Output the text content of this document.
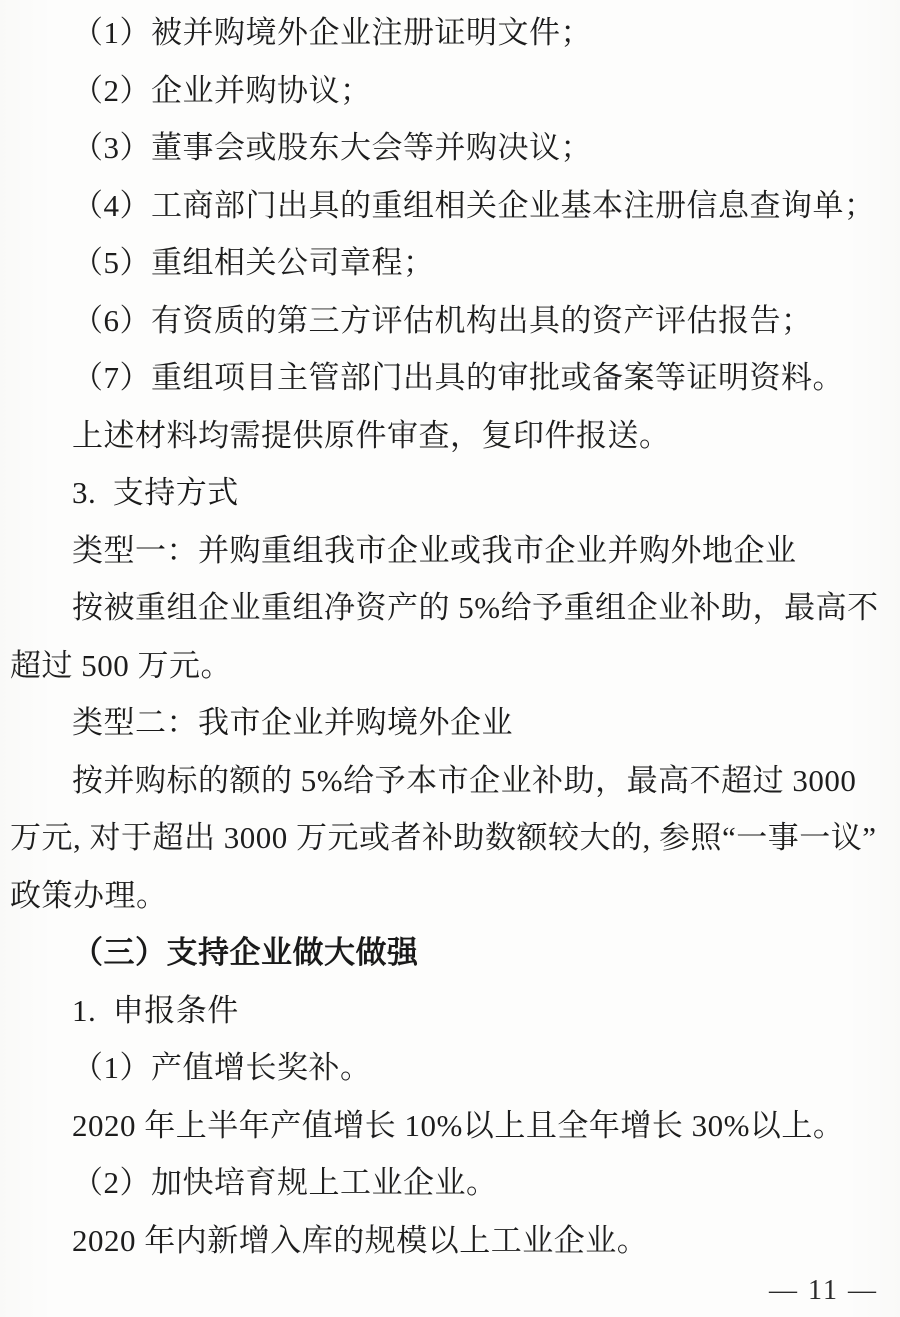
（1）被并购境外企业注册证明文件；
（2）企业并购协议；
（3）董事会或股东大会等并购决议；
（4）工商部门出具的重组相关企业基本注册信息查询单；
（5）重组相关公司章程；
（6）有资质的第三方评估机构出具的资产评估报告；
（7）重组项目主管部门出具的审批或备案等证明资料。
上述材料均需提供原件审查，复印件报送。
3.  支持方式
类型一：并购重组我市企业或我市企业并购外地企业
按被重组企业重组净资产的 5%给予重组企业补助，最高不
超过 500 万元。
类型二：我市企业并购境外企业
按并购标的额的 5%给予本市企业补助，最高不超过 3000
万元, 对于超出 3000 万元或者补助数额较大的, 参照“一事一议”
政策办理。
（三）支持企业做大做强
1.  申报条件
（1）产值增长奖补。
2020 年上半年产值增长 10%以上且全年增长 30%以上。
（2）加快培育规上工业企业。
2020 年内新增入库的规模以上工业企业。
— 11 —
